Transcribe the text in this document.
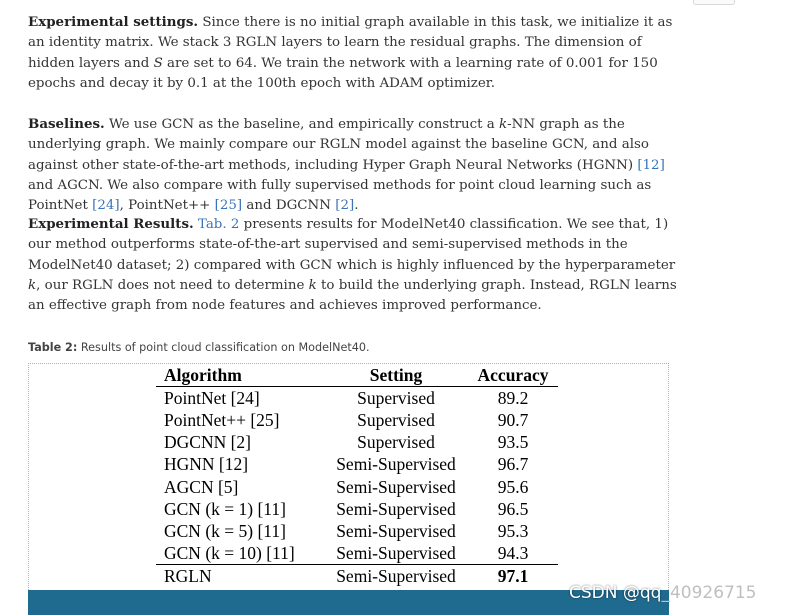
Experimental settings. Since there is no initial graph available in this task, we initialize it as an identity matrix. We stack 3 RGLN layers to learn the residual graphs. The dimension of hidden layers and S are set to 64. We train the network with a learning rate of 0.001 for 150 epochs and decay it by 0.1 at the 100th epoch with ADAM optimizer.

Baselines. We use GCN as the baseline, and empirically construct a k-NN graph as the underlying graph. We mainly compare our RGLN model against the baseline GCN, and also against other state-of-the-art methods, including Hyper Graph Neural Networks (HGNN) [12] and AGCN. We also compare with fully supervised methods for point cloud learning such as PointNet [24], PointNet++ [25] and DGCNN [2].

Experimental Results. Tab. 2 presents results for ModelNet40 classification. We see that, 1) our method outperforms state-of-the-art supervised and semi-supervised methods in the ModelNet40 dataset; 2) compared with GCN which is highly influenced by the hyperparameter k, our RGLN does not need to determine k to build the underlying graph. Instead, RGLN learns an effective graph from node features and achieves improved performance.

Table 2: Results of point cloud classification on ModelNet40.
Algorithm	Setting	Accuracy
PointNet [24]	Supervised	89.2
PointNet++ [25]	Supervised	90.7
DGCNN [2]	Supervised	93.5
HGNN [12]	Semi-Supervised	96.7
AGCN [5]	Semi-Supervised	95.6
GCN (k = 1) [11]	Semi-Supervised	96.5
GCN (k = 5) [11]	Semi-Supervised	95.3
GCN (k = 10) [11]	Semi-Supervised	94.3
RGLN	Semi-Supervised	97.1
CSDN @qq_40926715
